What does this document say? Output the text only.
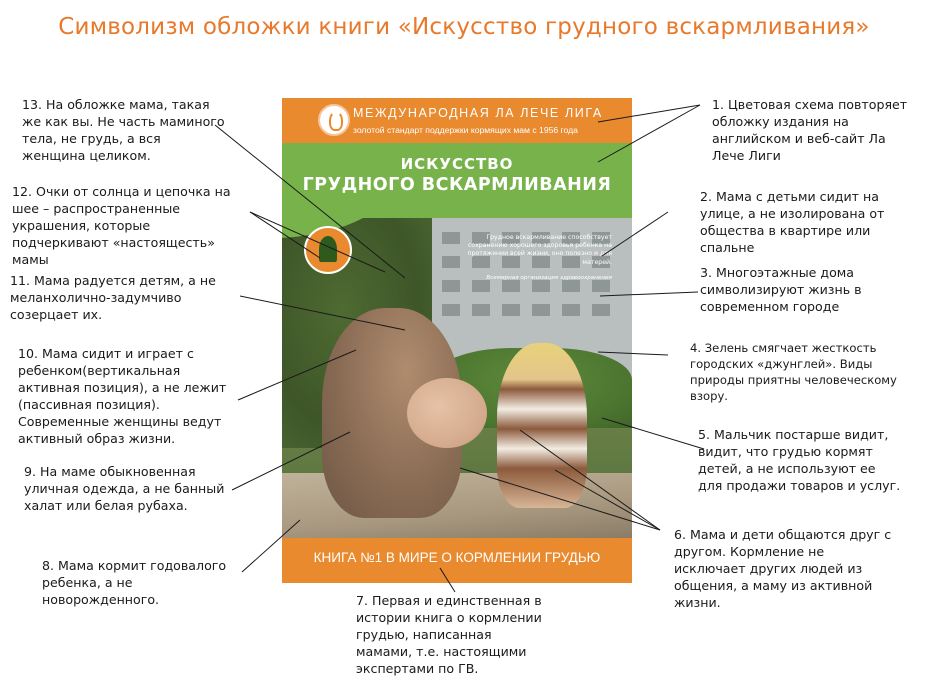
Символизм обложки книги «Искусство грудного вскармливания»
МЕЖДУНАРОДНАЯ ЛА ЛЕЧЕ ЛИГА
золотой стандарт поддержки кормящих мам с 1956 года
ИСКУССТВО
ГРУДНОГО ВСКАРМЛИВАНИЯ
Грудное вскармливание способствует сохранению хорошего здоровья ребенка на протяжении всей жизни, оно полезно и для матерей.
Всемирная организация здравоохранения
КНИГА №1 В МИРЕ О КОРМЛЕНИИ ГРУДЬЮ
1. Цветовая схема повторяет обложку издания на английском и веб-сайт Ла Лече Лиги
2. Мама с детьми сидит на улице, а не изолирована от общества в квартире или спальне
3. Многоэтажные дома символизируют жизнь в современном городе
4. Зелень смягчает жесткость городских «джунглей». Виды природы приятны человеческому взору.
5. Мальчик постарше видит, видит, что грудью кормят детей, а не используют ее для продажи товаров и услуг.
6. Мама и дети общаются друг с другом. Кормление не исключает других людей из общения, а маму из активной жизни.
7. Первая и единственная в истории книга о кормлении грудью, написанная мамами, т.е. настоящими экспертами по ГВ.
8. Мама кормит годовалого ребенка, а не новорожденного.
9. На маме обыкновенная уличная одежда, а не банный халат или белая рубаха.
10. Мама сидит и играет с ребенком(вертикальная активная позиция), а не лежит (пассивная позиция). Современные женщины ведут активный образ жизни.
11. Мама радуется детям, а не меланхолично-задумчиво созерцает их.
12. Очки от солнца и цепочка на шее – распространенные украшения, которые подчеркивают «настоящесть» мамы
13. На обложке мама, такая же как вы. Не часть маминого тела, не грудь, а вся женщина целиком.
